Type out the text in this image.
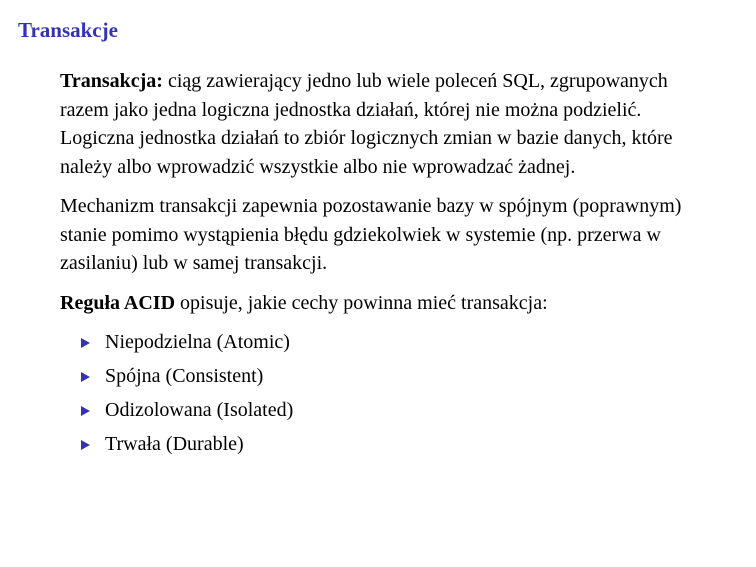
Transakcje

Transakcja: ciąg zawierający jedno lub wiele poleceń SQL, zgrupowanych razem jako jedna logiczna jednostka działań, której nie można podzielić.
Logiczna jednostka działań to zbiór logicznych zmian w bazie danych, które należy albo wprowadzić wszystkie albo nie wprowadzać żadnej.

Mechanizm transakcji zapewnia pozostawanie bazy w spójnym (poprawnym) stanie pomimo wystąpienia błędu gdziekolwiek w systemie (np. przerwa w zasilaniu) lub w samej transakcji.

Reguła ACID opisuje, jakie cechy powinna mieć transakcja:

Niepodzielna (Atomic)
Spójna (Consistent)
Odizolowana (Isolated)
Trwała (Durable)
